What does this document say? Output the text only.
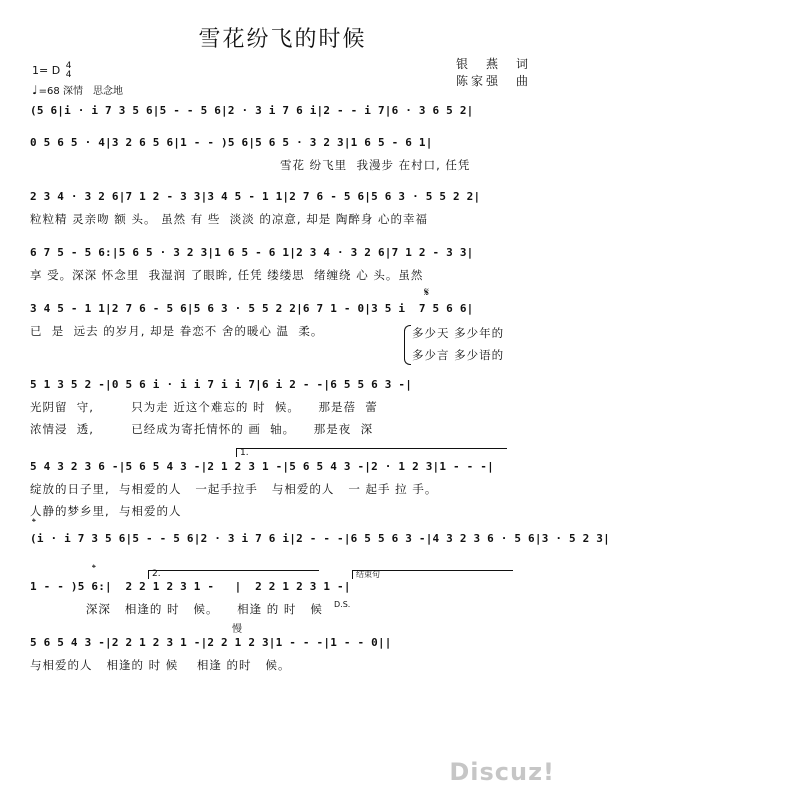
雪花纷飞的时候
银　燕　词
陈家强　曲
1= D 4
4
♩=68 深情　思念地
(5 6|i · i 7 3 5 6|5 - - 5 6|2 · 3 i 7 6 i|2 - - i 7|6 · 3 6 5 2|
0 5 6 5 · 4|3 2 6 5 6|1 - - )5 6|5 6 5 · 3 2 3|1 6 5 - 6 1|
雪花 纷飞里  我漫步 在村口, 任凭
2 3 4 · 3 2 6|7 1 2 - 3 3|3 4 5 - 1 1|2 7 6 - 5 6|5 6 3 · 5 5 2 2|
粒粒精 灵亲吻 额 头。 虽然 有 些  淡淡 的凉意, 却是 陶醉身 心的幸福
6 7 5 - 5 6:|5 6 5 · 3 2 3|1 6 5 - 6 1|2 3 4 · 3 2 6|7 1 2 - 3 3|
享 受。深深 怀念里  我湿润 了眼眸, 任凭 缕缕思  绪缠绕 心 头。虽然
𝄋
3 4 5 - 1 1|2 7 6 - 5 6|5 6 3 · 5 5 2 2|6 7 1 - 0|3 5 i  7 5 6 6|
已  是  远去 的岁月, 却是 眷恋不 舍的暖心 温  柔。	多少天 多少年的
多少言 多少语的
5 1 3 5 2 -|0 5 6 i · i i 7 i i 7|6 i 2 - -|6 5 5 6 3 -|
光阴留  守,        只为走 近这个难忘的 时  候。    那是蓓  蕾
浓情浸  透,        已经成为寄托情怀的 画  轴。    那是夜  深
1.
5 4 3 2 3 6 -|5 6 5 4 3 -|2 1 2 3 1 -|5 6 5 4 3 -|2 · 1 2 3|1 - - -|
绽放的日子里,  与相爱的人   一起手拉手   与相爱的人   一 起手 拉 手。
人静的梦乡里,  与相爱的人
𝄌
(i · i 7 3 5 6|5 - - 5 6|2 · 3 i 7 6 i|2 - - -|6 5 5 6 3 -|4 3 2 3 6 · 5 6|3 · 5 2 3|
𝄌	2.	结束句
1 - - )5 6:|  2 2 1 2 3 1 -   |  2 2 1 2 3 1 -|
深深   相逢的 时   候。    相逢 的 时   候	D.S.
慢
5 6 5 4 3 -|2 2 1 2 3 1 -|2 2 1 2 3|1 - - -|1 - - 0||
与相爱的人   相逢的 时 候    相逢 的时   候。
Discuz!
